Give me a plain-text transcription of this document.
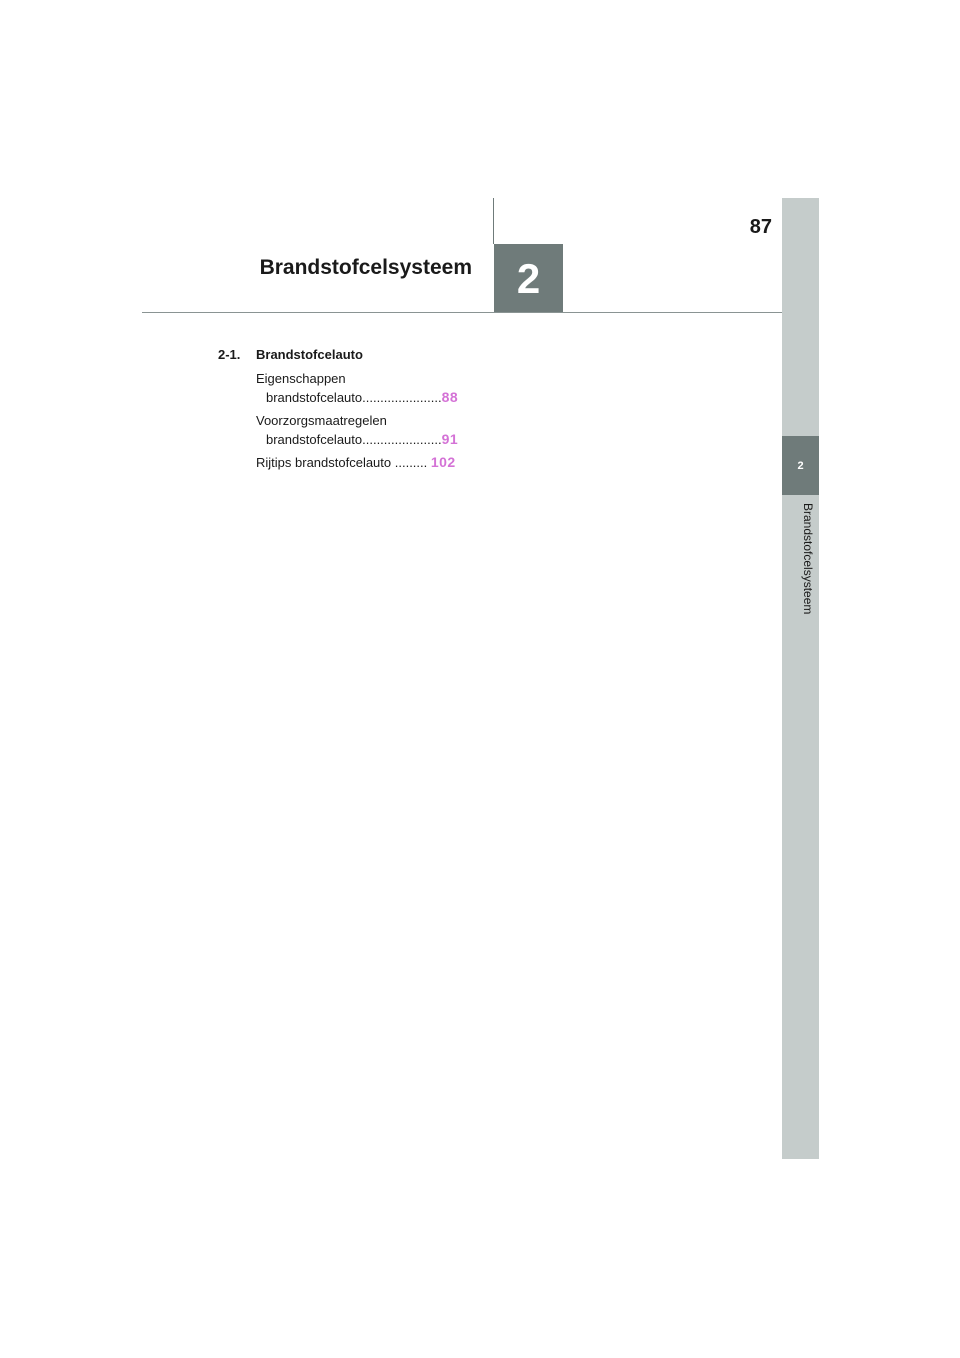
87
Brandstofcelsysteem	2
2
Brandstofcelsysteem
2-1. Brandstofcelauto
Eigenschappen
brandstofcelauto......................88
Voorzorgsmaatregelen
brandstofcelauto......................91
Rijtips brandstofcelauto ......... 102
